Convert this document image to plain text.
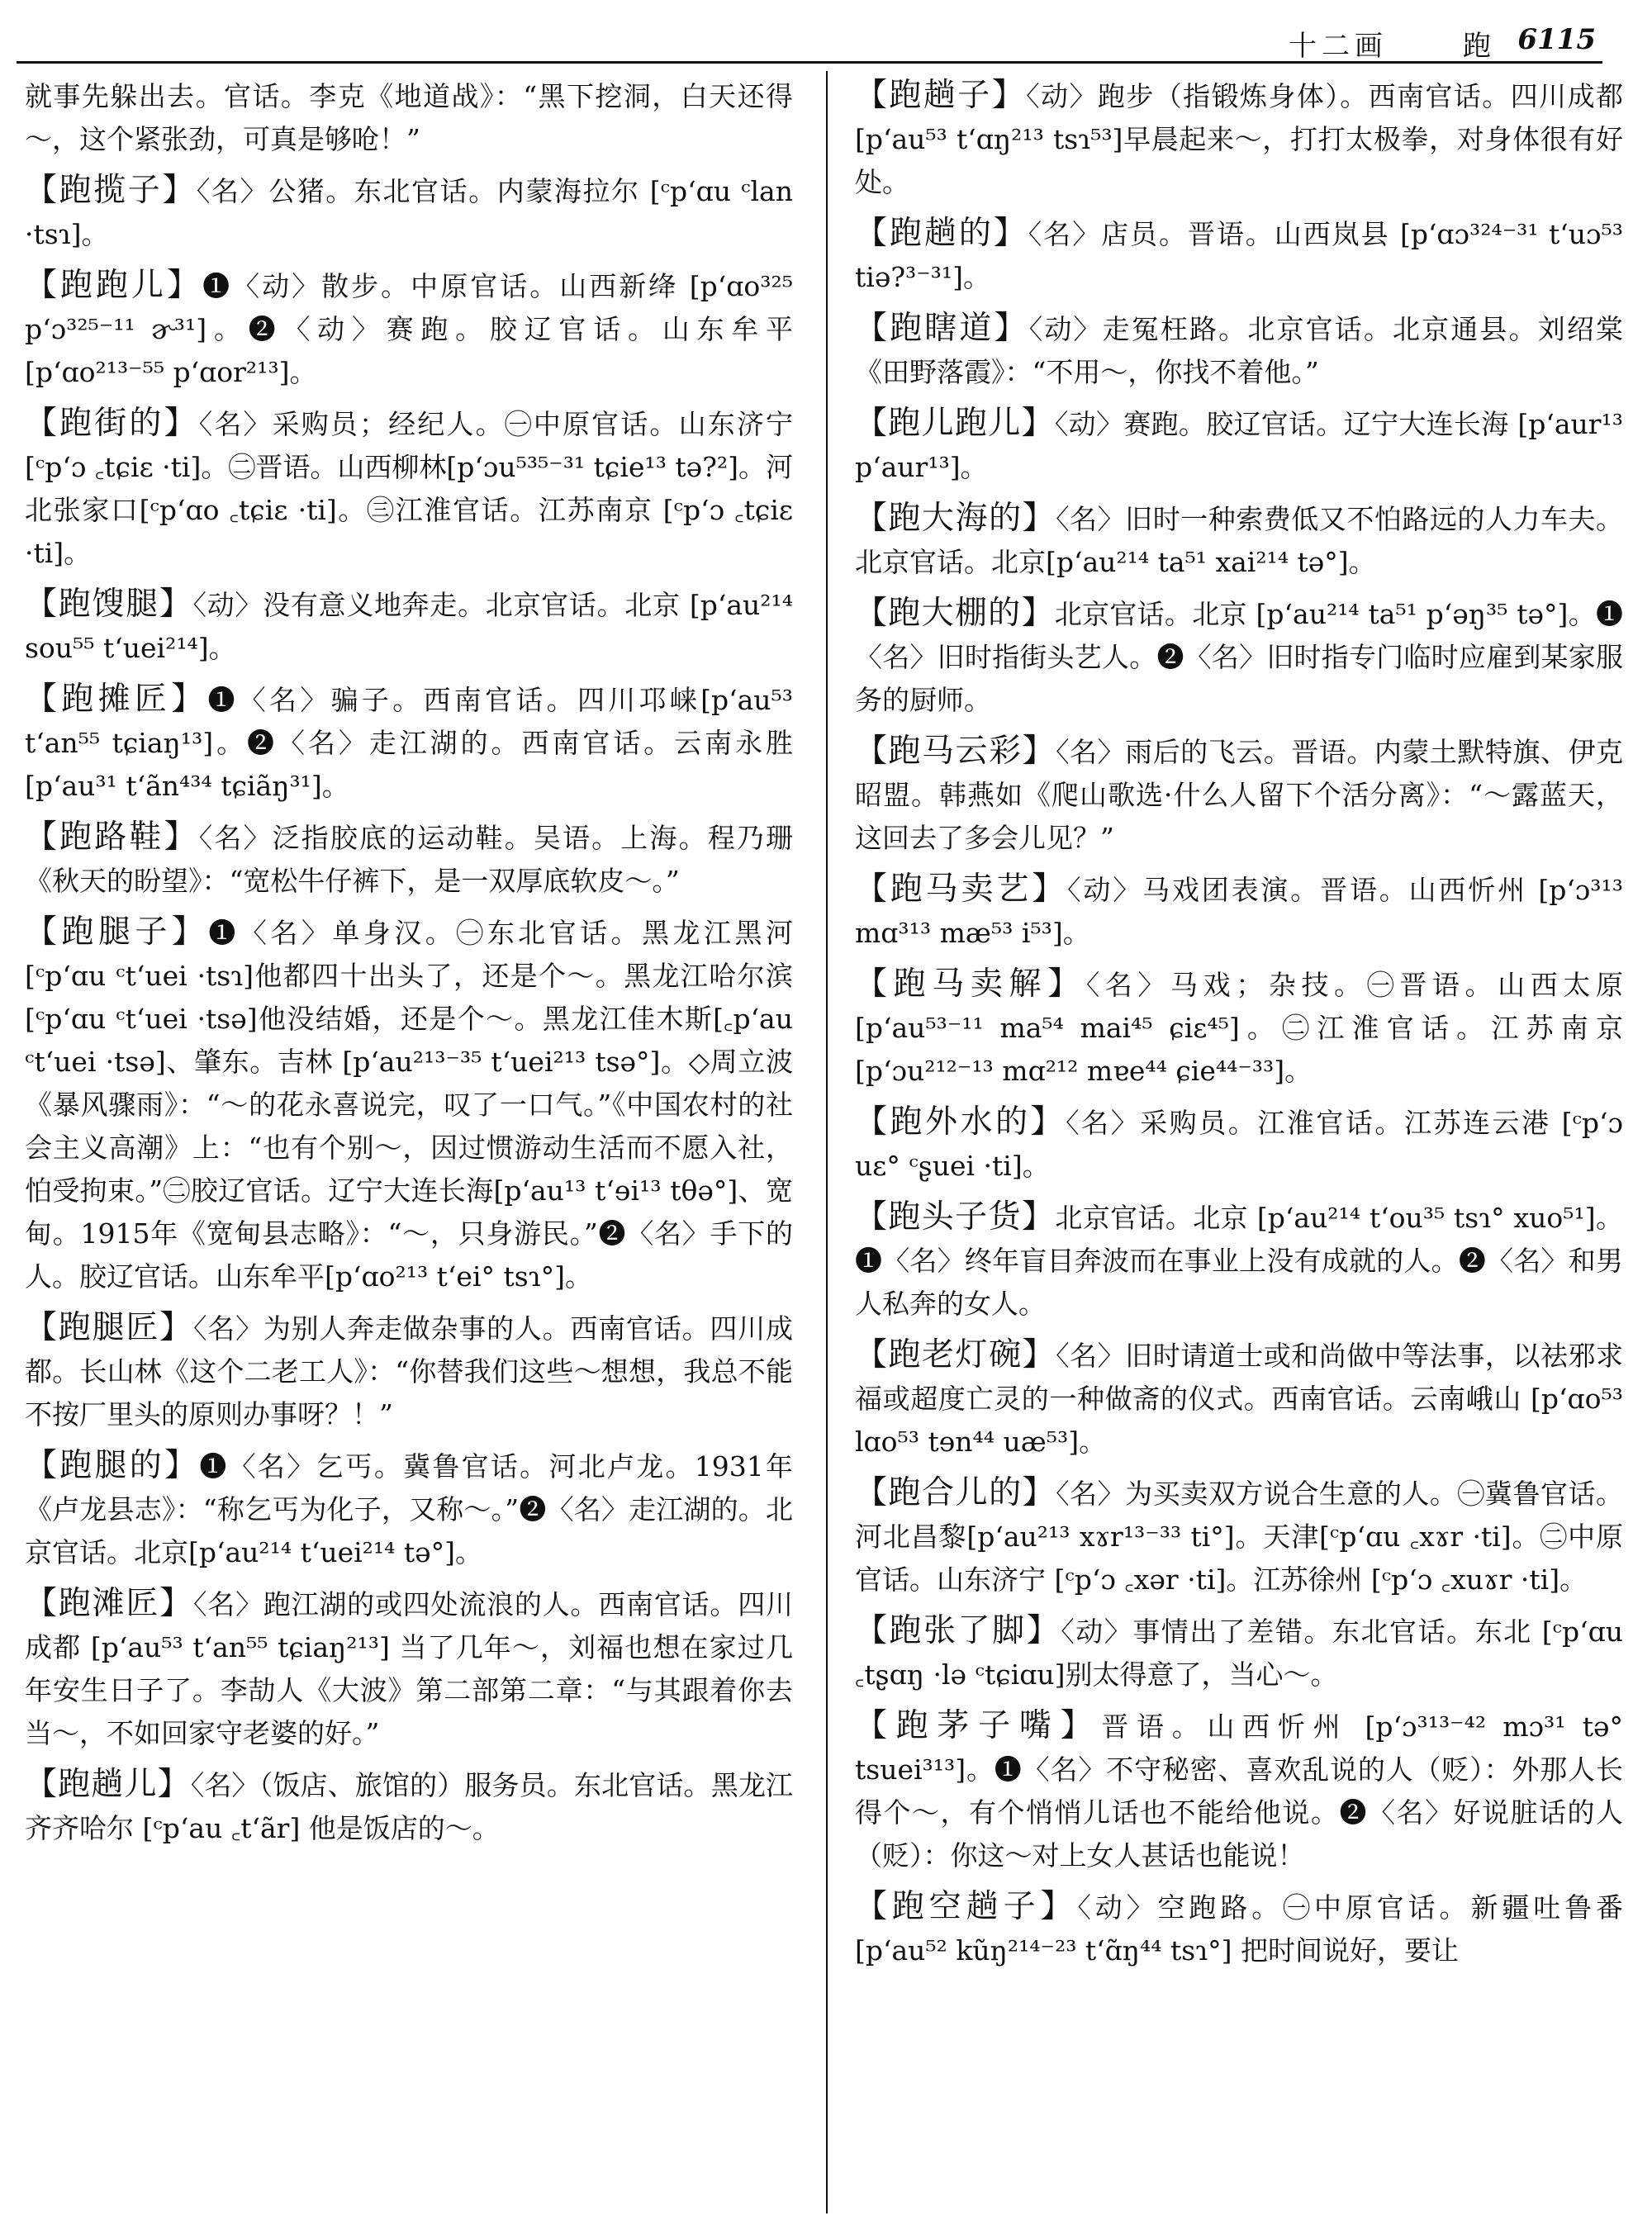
十二画	跑 6115

就事先躲出去。官话。李克《地道战》：“黑下挖洞，白天还得～，这个紧张劲，可真是够呛！”

【跑揽子】〈名〉公猪。东北官话。内蒙海拉尔 [ᶜp‘ɑu ᶜlan ·tsɿ]。

【跑跑儿】❶〈动〉散步。中原官话。山西新绛 [p‘ɑo³²⁵ p‘ɔ³²⁵⁻¹¹ ɚ³¹]。❷〈动〉赛跑。胶辽官话。山东牟平 [p‘ɑo²¹³⁻⁵⁵ p‘ɑor²¹³]。

【跑街的】〈名〉采购员；经纪人。㊀中原官话。山东济宁 [ᶜp‘ɔ ꜀tɕiɛ ·ti]。㊁晋语。山西柳林[p‘ɔu⁵³⁵⁻³¹ tɕie¹³ tə?²]。河北张家口[ᶜp‘ɑo ꜀tɕiɛ ·ti]。㊂江淮官话。江苏南京 [ᶜp‘ɔ ꜀tɕiɛ ·ti]。

【跑馊腿】〈动〉没有意义地奔走。北京官话。北京 [p‘au²¹⁴ sou⁵⁵ t‘uei²¹⁴]。

【跑摊匠】❶〈名〉骗子。西南官话。四川邛崃[p‘au⁵³ t‘an⁵⁵ tɕiaŋ¹³]。❷〈名〉走江湖的。西南官话。云南永胜 [p‘au³¹ t‘ãn⁴³⁴ tɕiãŋ³¹]。

【跑路鞋】〈名〉泛指胶底的运动鞋。吴语。上海。程乃珊《秋天的盼望》：“宽松牛仔裤下，是一双厚底软皮～。”

【跑腿子】❶〈名〉单身汉。㊀东北官话。黑龙江黑河 [ᶜp‘ɑu ᶜt‘uei ·tsɿ]他都四十出头了，还是个～。黑龙江哈尔滨 [ᶜp‘ɑu ᶜt‘uei ·tsə]他没结婚，还是个～。黑龙江佳木斯[꜀p‘au ᶜt‘uei ·tsə]、肇东。吉林 [p‘au²¹³⁻³⁵ t‘uei²¹³ tsə°]。◇周立波《暴风骤雨》：“～的花永喜说完，叹了一口气。”《中国农村的社会主义高潮》上：“也有个别～，因过惯游动生活而不愿入社，怕受拘束。”㊁胶辽官话。辽宁大连长海[p‘au¹³ t‘ɘi¹³ tθə°]、宽甸。1915年《宽甸县志略》：“～，只身游民。”❷〈名〉手下的人。胶辽官话。山东牟平[p‘ɑo²¹³ t‘ei° tsɿ°]。

【跑腿匠】〈名〉为别人奔走做杂事的人。西南官话。四川成都。长山林《这个二老工人》：“你替我们这些～想想，我总不能不按厂里头的原则办事呀？！”

【跑腿的】❶〈名〉乞丐。冀鲁官话。河北卢龙。1931年《卢龙县志》：“称乞丐为化子，又称～。”❷〈名〉走江湖的。北京官话。北京[p‘au²¹⁴ t‘uei²¹⁴ tə°]。

【跑滩匠】〈名〉跑江湖的或四处流浪的人。西南官话。四川成都 [p‘au⁵³ t‘an⁵⁵ tɕiaŋ²¹³] 当了几年～，刘福也想在家过几年安生日子了。李劼人《大波》第二部第二章：“与其跟着你去当～，不如回家守老婆的好。”

【跑趟儿】〈名〉（饭店、旅馆的）服务员。东北官话。黑龙江齐齐哈尔 [ᶜp‘au ꜀t‘ãr] 他是饭店的～。

【跑趟子】〈动〉跑步（指锻炼身体）。西南官话。四川成都 [p‘au⁵³ t‘ɑŋ²¹³ tsɿ⁵³]早晨起来～，打打太极拳，对身体很有好处。

【跑趟的】〈名〉店员。晋语。山西岚县 [p‘ɑɔ³²⁴⁻³¹ t‘uɔ⁵³ tiə?³⁻³¹]。

【跑瞎道】〈动〉走冤枉路。北京官话。北京通县。刘绍棠《田野落霞》：“不用～，你找不着他。”

【跑儿跑儿】〈动〉赛跑。胶辽官话。辽宁大连长海 [p‘aur¹³ p‘aur¹³]。

【跑大海的】〈名〉旧时一种索费低又不怕路远的人力车夫。北京官话。北京[p‘au²¹⁴ ta⁵¹ xai²¹⁴ tə°]。

【跑大棚的】北京官话。北京 [p‘au²¹⁴ ta⁵¹ p‘əŋ³⁵ tə°]。❶〈名〉旧时指街头艺人。❷〈名〉旧时指专门临时应雇到某家服务的厨师。

【跑马云彩】〈名〉雨后的飞云。晋语。内蒙土默特旗、伊克昭盟。韩燕如《爬山歌选·什么人留下个活分离》：“～露蓝天，这回去了多会儿见？”

【跑马卖艺】〈动〉马戏团表演。晋语。山西忻州 [p‘ɔ³¹³ mɑ³¹³ mæ⁵³ i⁵³]。

【跑马卖解】〈名〉马戏；杂技。㊀晋语。山西太原 [p‘au⁵³⁻¹¹ ma⁵⁴ mai⁴⁵ ɕiɛ⁴⁵]。㊁江淮官话。江苏南京 [p‘ɔu²¹²⁻¹³ mɑ²¹² mɐe⁴⁴ ɕie⁴⁴⁻³³]。

【跑外水的】〈名〉采购员。江淮官话。江苏连云港 [ᶜp‘ɔ uɛ° ᶜʂuei ·ti]。

【跑头子货】北京官话。北京 [p‘au²¹⁴ t‘ou³⁵ tsɿ° xuo⁵¹]。❶〈名〉终年盲目奔波而在事业上没有成就的人。❷〈名〉和男人私奔的女人。

【跑老灯碗】〈名〉旧时请道士或和尚做中等法事，以祛邪求福或超度亡灵的一种做斋的仪式。西南官话。云南峨山 [p‘ɑo⁵³ lɑo⁵³ tɘn⁴⁴ uæ⁵³]。

【跑合儿的】〈名〉为买卖双方说合生意的人。㊀冀鲁官话。河北昌黎[p‘au²¹³ xɤr¹³⁻³³ ti°]。天津[ᶜp‘ɑu ꜀xɤr ·ti]。㊁中原官话。山东济宁 [ᶜp‘ɔ ꜀xər ·ti]。江苏徐州 [ᶜp‘ɔ ꜀xuɤr ·ti]。

【跑张了脚】〈动〉事情出了差错。东北官话。东北 [ᶜp‘ɑu ꜀tʂɑŋ ·lə ᶜtɕiɑu]别太得意了，当心～。

【跑茅子嘴】晋语。山西忻州 [p‘ɔ³¹³⁻⁴² mɔ³¹ tə° tsuei³¹³]。❶〈名〉不守秘密、喜欢乱说的人（贬）：外那人长得个～，有个悄悄儿话也不能给他说。❷〈名〉好说脏话的人（贬）：你这～对上女人甚话也能说！

【跑空趟子】〈动〉空跑路。㊀中原官话。新疆吐鲁番 [p‘au⁵² kũŋ²¹⁴⁻²³ t‘ɑ̃ŋ⁴⁴ tsɿ°] 把时间说好，要让
